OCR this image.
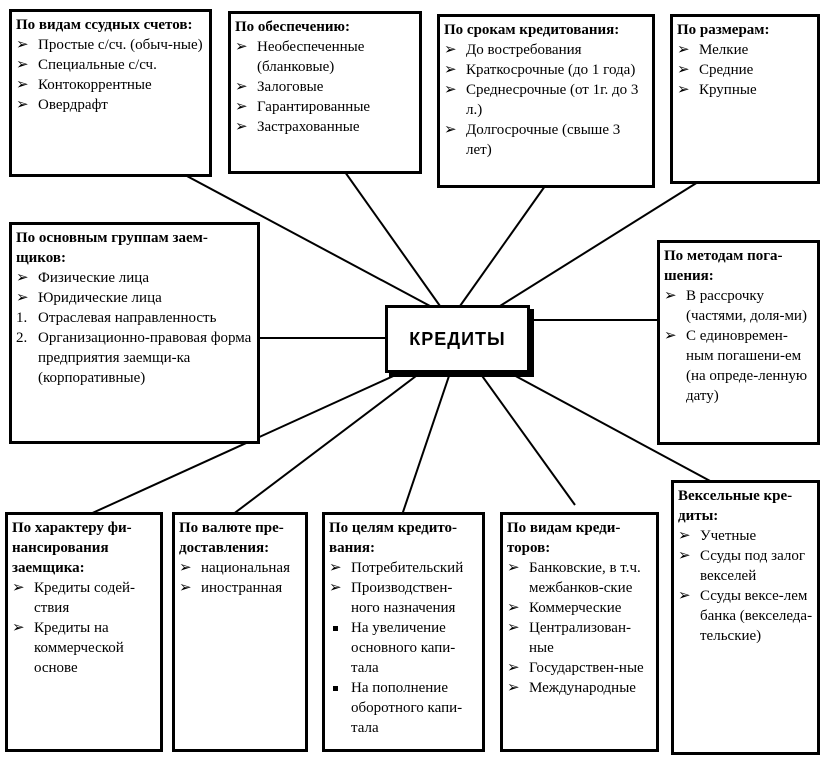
По видам ссудных счетов:
➢ Простые с/сч. (обыч-ные)
➢ Специальные с/сч.
➢ Контокоррентные
➢ Овердрафт
По обеспечению:
➢ Необеспеченные (бланковые)
➢ Залоговые
➢ Гарантированные
➢ Застрахованные
По срокам кредитования:
➢ До востребования
➢ Краткосрочные (до 1 года)
➢ Среднесрочные (от 1г. до 3 л.)
➢ Долгосрочные (свыше 3 лет)
По размерам:
➢ Мелкие
➢ Средние
➢ Крупные
По основным группам заем-щиков:
➢ Физические лица
➢ Юридические лица
1. Отраслевая направленность
2. Организационно-правовая форма предприятия заемщи-ка (корпоративные)
КРЕДИТЫ
По методам пога-шения:
➢ В рассрочку (частями, доля-ми)
➢ С единовремен-ным погашени-ем (на опреде-ленную дату)
По характеру фи-нансирования заемщика:
➢ Кредиты содей-ствия
➢ Кредиты на коммерческой основе
По валюте пре-доставления:
➢ национальная
➢ иностранная
По целям кредито-вания:
➢ Потребительский
➢ Производствен-ного назначения
На увеличение основного капи-тала
На пополнение оборотного капи-тала
По видам креди-торов:
➢ Банковские, в т.ч. межбанков-ские
➢ Коммерческие
➢ Централизован-ные
➢ Государствен-ные
➢ Международные
Вексельные кре-диты:
➢ Учетные
➢ Ссуды под залог векселей
➢ Ссуды вексе-лем банка (векселеда-тельские)
